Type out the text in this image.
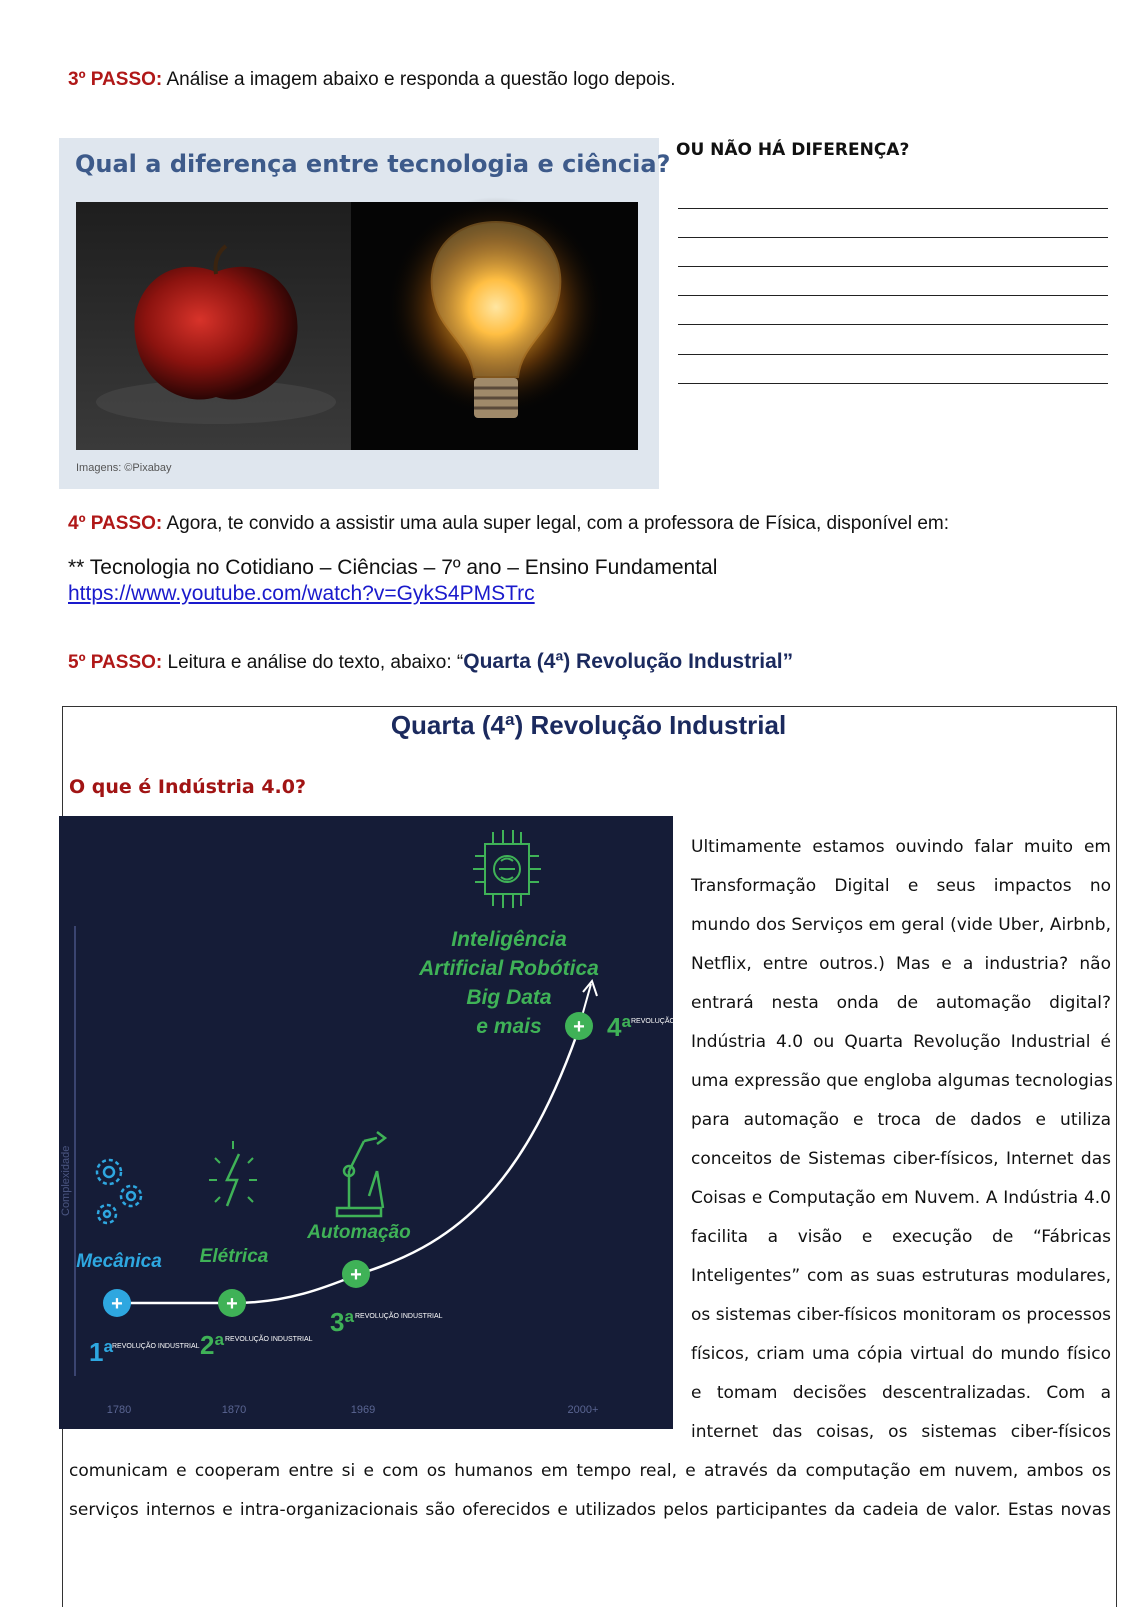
3º PASSO: Análise a imagem abaixo e responda a questão logo depois.
Qual a diferença entre tecnologia e ciência?
Imagens: ©Pixabay
OU NÃO HÁ DIFERENÇA?
4º PASSO: Agora, te convido a assistir uma aula super legal, com a professora de Física, disponível em:
** Tecnologia no Cotidiano – Ciências – 7º ano – Ensino Fundamental
https://www.youtube.com/watch?v=GykS4PMSTrc
5º PASSO: Leitura e análise do texto, abaixo: “Quarta (4ª) Revolução Industrial”
Quarta (4ª) Revolução Industrial
O que é Indústria 4.0?
Complexidade
Mecânica
+
1ª
REVOLUÇÃO INDUSTRIAL
1780
Elétrica
+
2ª REVOLUÇÃO INDUSTRIAL
1870
Automação
+
3ª REVOLUÇÃO INDUSTRIAL
1969
Inteligência
Artificial Robótica
Big Data
e mais + 4ª REVOLUÇÃO INDUSTRIAL
2000+
Ultimamente estamos ouvindo falar muito em
Transformação Digital e seus impactos no
mundo dos Serviços em geral (vide Uber, Airbnb,
Netflix, entre outros.) Mas e a industria? não
entrará nesta onda de automação digital?
Indústria 4.0 ou Quarta Revolução Industrial é
uma expressão que engloba algumas tecnologias
para automação e troca de dados e utiliza
conceitos de Sistemas ciber-físicos, Internet das
Coisas e Computação em Nuvem. A Indústria 4.0
facilita a visão e execução de “Fábricas
Inteligentes” com as suas estruturas modulares,
os sistemas ciber-físicos monitoram os processos
físicos, criam uma cópia virtual do mundo físico
e tomam decisões descentralizadas. Com a
internet das coisas, os sistemas ciber-físicos
comunicam e cooperam entre si e com os humanos em tempo real, e através da computação em nuvem, ambos os
serviços internos e intra-organizacionais são oferecidos e utilizados pelos participantes da cadeia de valor. Estas novas
